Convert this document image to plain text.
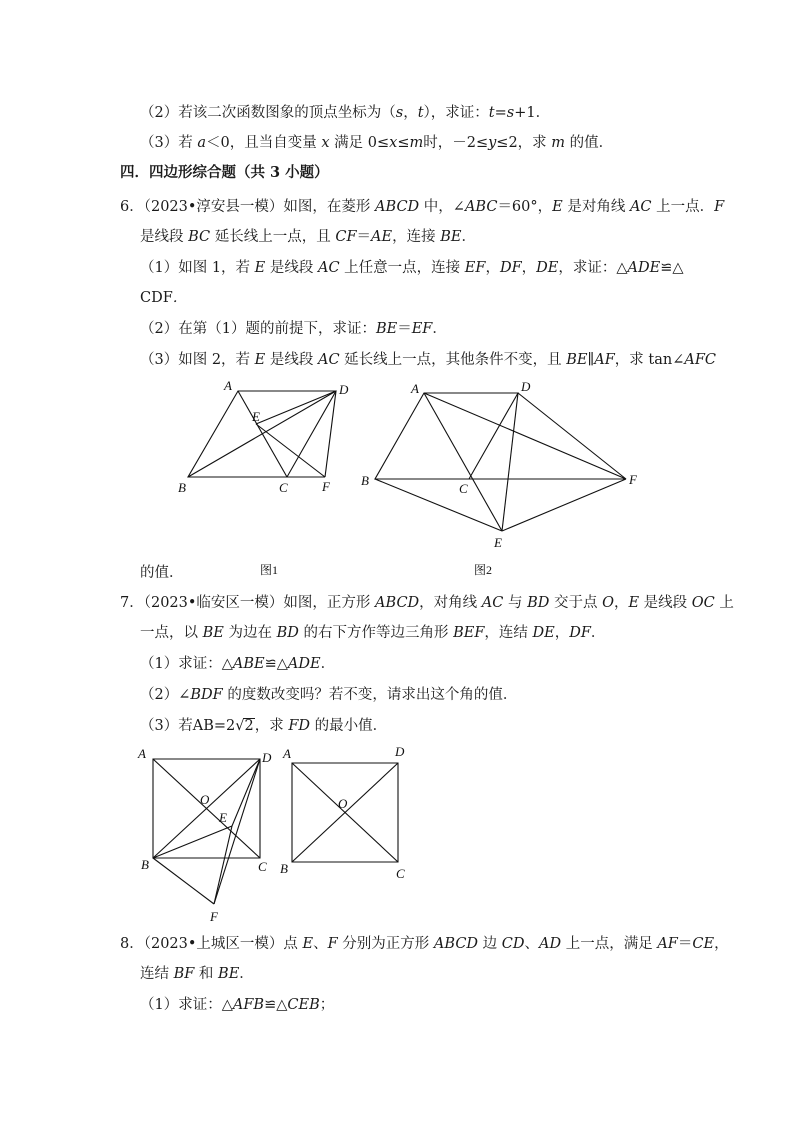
（2）若该二次函数图象的顶点坐标为（s，t），求证：t=s+1．
（3）若 a＜0，且当自变量 x 满足 0≤x≤m时，－2≤y≤2，求 m 的值．
四．四边形综合题（共 3 小题）
6．（2023•淳安县一模）如图，在菱形 ABCD 中，∠ABC＝60°，E 是对角线 AC 上一点．F
是线段 BC 延长线上一点，且 CF＝AE，连接 BE．
（1）如图 1，若 E 是线段 AC 上任意一点，连接 EF，DF，DE，求证：△ADE≌△
CDF．
（2）在第（1）题的前提下，求证：BE＝EF．
（3）如图 2，若 E 是线段 AC 延长线上一点，其他条件不变，且 BE∥AF，求 tan∠AFC
的值．
A	D
E
B	C	F
图1
A	D
B
C
F
E
图2
7．（2023•临安区一模）如图，正方形 ABCD，对角线 AC 与 BD 交于点 O，E 是线段 OC 上
一点，以 BE 为边在 BD 的右下方作等边三角形 BEF，连结 DE，DF．
（1）求证：△ABE≌△ADE．
（2）∠BDF 的度数改变吗？若不变，请求出这个角的值．
（3）若AB=2√2，求 FD 的最小值．
A	D
O
E
B	C
F
A	D
O
B	C
8．（2023•上城区一模）点 E、F 分别为正方形 ABCD 边 CD、AD 上一点，满足 AF＝CE，
连结 BF 和 BE．
（1）求证：△AFB≌△CEB；
